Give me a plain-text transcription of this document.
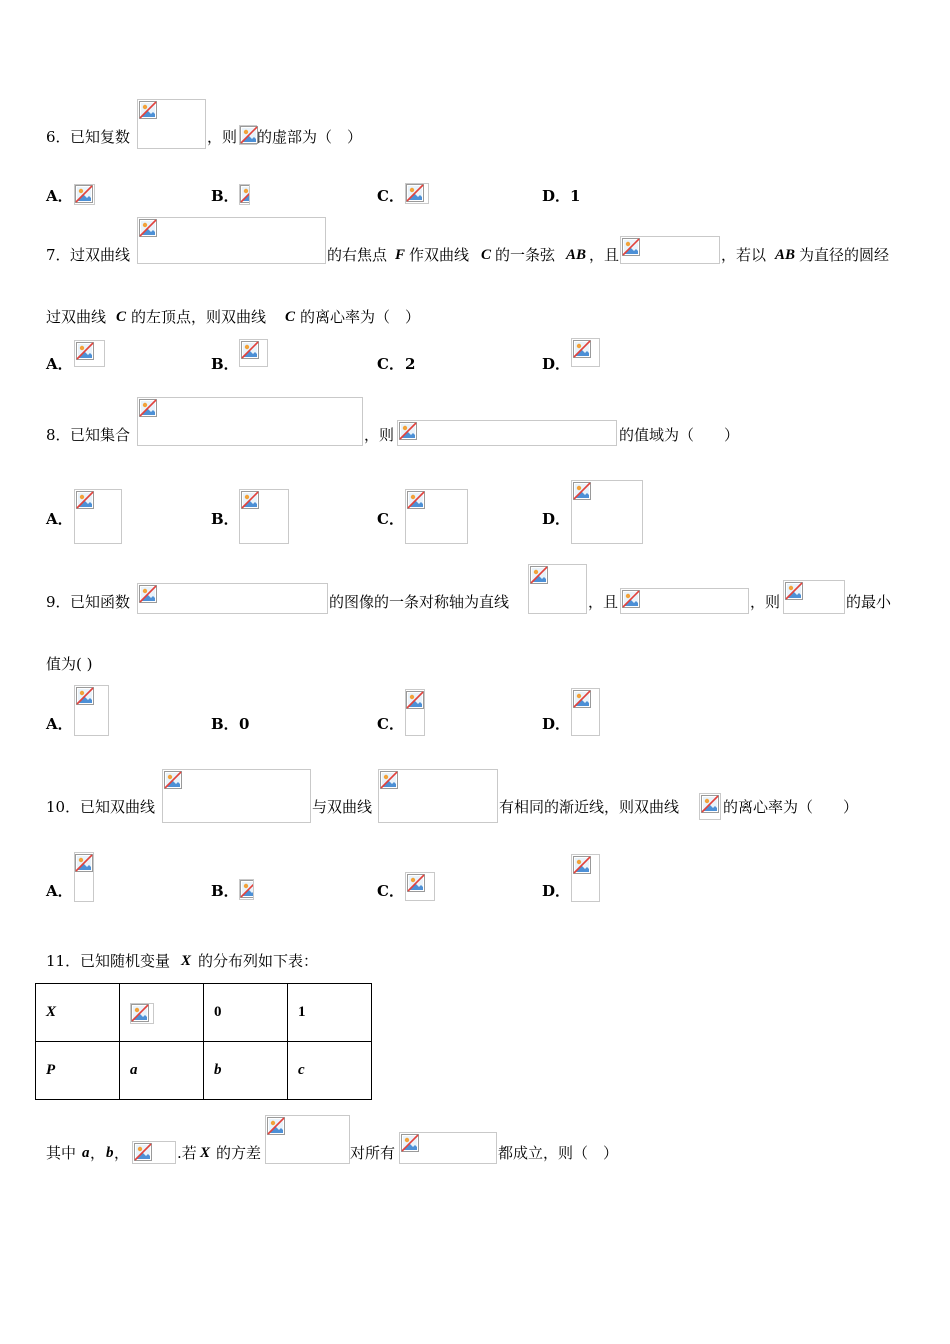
6． 已知复数	，则 的虚部为（　）
A．	B．	C．	D． 1
7． 过双曲线	的右焦点 F 作双曲线 C 的一条弦 AB ，且	，若以 AB 为直径的圆经
过双曲线 C 的左顶点，则双曲线 C 的离心率为（　）
A．	B．	C． 2	D．
8． 已知集合	，则	的值域为（　　）
A．	B．	C．	D．
9． 已知函数	的图像的一条对称轴为直线	，且	，则	的最小
值为( )
A．	B． 0	C．	D．
10． 已知双曲线	与双曲线	有相同的渐近线，则双曲线	的离心率为（　　）
A．	B．	C．	D．
11． 已知随机变量 X 的分布列如下表：
X		0	1
P	a	b	c
其中 a ， b ，	.若 X 的方差	对所有	都成立，则（　）
